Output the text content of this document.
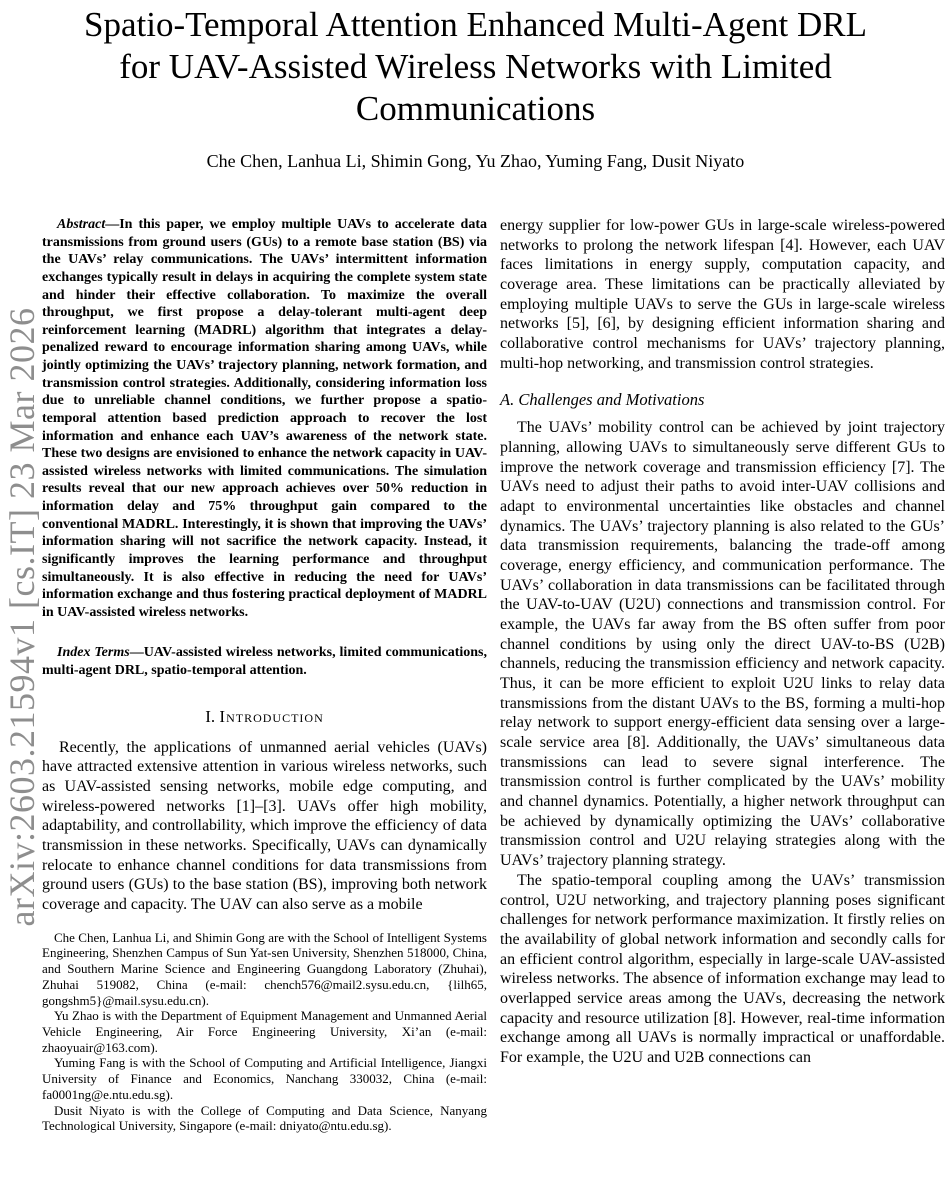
arXiv:2603.21594v1 [cs.IT] 23 Mar 2026
Spatio-Temporal Attention Enhanced Multi-Agent DRL for UAV-Assisted Wireless Networks with Limited Communications
Che Chen, Lanhua Li, Shimin Gong, Yu Zhao, Yuming Fang, Dusit Niyato

Abstract—In this paper, we employ multiple UAVs to accelerate data transmissions from ground users (GUs) to a remote base station (BS) via the UAVs’ relay communications. The UAVs’ intermittent information exchanges typically result in delays in acquiring the complete system state and hinder their effective collaboration. To maximize the overall throughput, we first propose a delay-tolerant multi-agent deep reinforcement learning (MADRL) algorithm that integrates a delay-penalized reward to encourage information sharing among UAVs, while jointly optimizing the UAVs’ trajectory planning, network formation, and transmission control strategies. Additionally, considering information loss due to unreliable channel conditions, we further propose a spatio-temporal attention based prediction approach to recover the lost information and enhance each UAV’s awareness of the network state. These two designs are envisioned to enhance the network capacity in UAV-assisted wireless networks with limited communications. The simulation results reveal that our new approach achieves over 50% reduction in information delay and 75% throughput gain compared to the conventional MADRL. Interestingly, it is shown that improving the UAVs’ information sharing will not sacrifice the network capacity. Instead, it significantly improves the learning performance and throughput simultaneously. It is also effective in reducing the need for UAVs’ information exchange and thus fostering practical deployment of MADRL in UAV-assisted wireless networks.

Index Terms—UAV-assisted wireless networks, limited communications, multi-agent DRL, spatio-temporal attention.

I. Introduction

Recently, the applications of unmanned aerial vehicles (UAVs) have attracted extensive attention in various wireless networks, such as UAV-assisted sensing networks, mobile edge computing, and wireless-powered networks [1]–[3]. UAVs offer high mobility, adaptability, and controllability, which improve the efficiency of data transmission in these networks. Specifically, UAVs can dynamically relocate to enhance channel conditions for data transmissions from ground users (GUs) to the base station (BS), improving both network coverage and capacity. The UAV can also serve as a mobile

Che Chen, Lanhua Li, and Shimin Gong are with the School of Intelligent Systems Engineering, Shenzhen Campus of Sun Yat-sen University, Shenzhen 518000, China, and Southern Marine Science and Engineering Guangdong Laboratory (Zhuhai), Zhuhai 519082, China (e-mail: chench576@mail2.sysu.edu.cn, {lilh65, gongshm5}@mail.sysu.edu.cn).

Yu Zhao is with the Department of Equipment Management and Unmanned Aerial Vehicle Engineering, Air Force Engineering University, Xi’an (e-mail: zhaoyuair@163.com).

Yuming Fang is with the School of Computing and Artificial Intelligence, Jiangxi University of Finance and Economics, Nanchang 330032, China (e-mail: fa0001ng@e.ntu.edu.sg).

Dusit Niyato is with the College of Computing and Data Science, Nanyang Technological University, Singapore (e-mail: dniyato@ntu.edu.sg).

energy supplier for low-power GUs in large-scale wireless-powered networks to prolong the network lifespan [4]. However, each UAV faces limitations in energy supply, computation capacity, and coverage area. These limitations can be practically alleviated by employing multiple UAVs to serve the GUs in large-scale wireless networks [5], [6], by designing efficient information sharing and collaborative control mechanisms for UAVs’ trajectory planning, multi-hop networking, and transmission control strategies.

A. Challenges and Motivations

The UAVs’ mobility control can be achieved by joint trajectory planning, allowing UAVs to simultaneously serve different GUs to improve the network coverage and transmission efficiency [7]. The UAVs need to adjust their paths to avoid inter-UAV collisions and adapt to environmental uncertainties like obstacles and channel dynamics. The UAVs’ trajectory planning is also related to the GUs’ data transmission requirements, balancing the trade-off among coverage, energy efficiency, and communication performance. The UAVs’ collaboration in data transmissions can be facilitated through the UAV-to-UAV (U2U) connections and transmission control. For example, the UAVs far away from the BS often suffer from poor channel conditions by using only the direct UAV-to-BS (U2B) channels, reducing the transmission efficiency and network capacity. Thus, it can be more efficient to exploit U2U links to relay data transmissions from the distant UAVs to the BS, forming a multi-hop relay network to support energy-efficient data sensing over a large-scale service area [8]. Additionally, the UAVs’ simultaneous data transmissions can lead to severe signal interference. The transmission control is further complicated by the UAVs’ mobility and channel dynamics. Potentially, a higher network throughput can be achieved by dynamically optimizing the UAVs’ collaborative transmission control and U2U relaying strategies along with the UAVs’ trajectory planning strategy.

The spatio-temporal coupling among the UAVs’ transmission control, U2U networking, and trajectory planning poses significant challenges for network performance maximization. It firstly relies on the availability of global network information and secondly calls for an efficient control algorithm, especially in large-scale UAV-assisted wireless networks. The absence of information exchange may lead to overlapped service areas among the UAVs, decreasing the network capacity and resource utilization [8]. However, real-time information exchange among all UAVs is normally impractical or unaffordable. For example, the U2U and U2B connections can
